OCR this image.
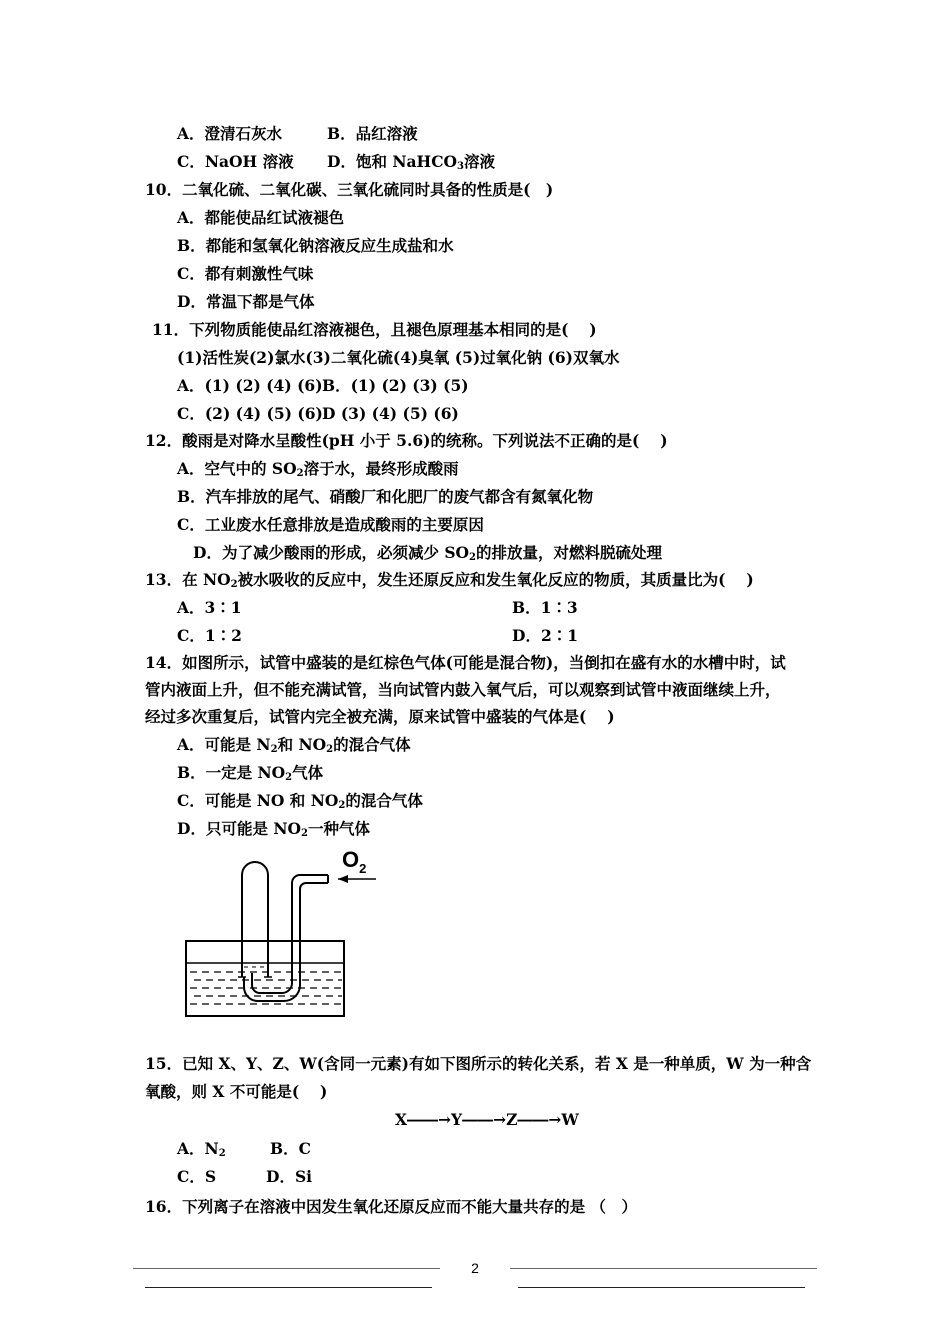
A．澄清石灰水	B．品红溶液
C．NaOH 溶液 D．饱和 NaHCO$_3$溶液
10．二氧化硫、二氧化碳、三氧化硫同时具备的性质是(　)
A．都能使品红试液褪色
B．都能和氢氧化钠溶液反应生成盐和水
C．都有刺激性气味
D．常温下都是气体
11．下列物质能使品红溶液褪色，且褪色原理基本相同的是(　 )
(1)活性炭(2)氯水(3)二氧化硫(4)臭氧 (5)过氧化钠 (6)双氧水
A．(1) (2) (4) (6) B．(1) (2) (3) (5)
C．(2) (4) (5) (6) D (3) (4) (5) (6)
12．酸雨是对降水呈酸性(pH 小于 5.6)的统称。下列说法不正确的是(　 )
A．空气中的 $SO_2$溶于水，最终形成酸雨
B．汽车排放的尾气、硝酸厂和化肥厂的废气都含有氮氧化物
C．工业废水任意排放是造成酸雨的主要原因
D．为了减少酸雨的形成，必须减少 $SO_2$的排放量，对燃料脱硫处理
13．在 $NO_2$被水吸收的反应中，发生还原反应和发生氧化反应的物质，其质量比为(　 )
A．3∶1	B．1∶3
C．1∶2	D．2∶1
14．如图所示，试管中盛装的是红棕色气体(可能是混合物)，当倒扣在盛有水的水槽中时，试
管内液面上升，但不能充满试管，当向试管内鼓入氧气后，可以观察到试管中液面继续上升，
经过多次重复后，试管内完全被充满，原来试管中盛装的气体是(　 )
A．可能是 $N_2$和 $NO_2$的混合气体
B．一定是 $NO_2$气体
C．可能是 NO 和 $NO_2$的混合气体
D．只可能是 $NO_2$一种气体
$O_2$
15．已知 X、Y、Z、W(含同一元素)有如下图所示的转化关系，若 X 是一种单质，W 为一种含
氧酸，则 X 不可能是(　 )
X――→Y――→Z――→W
A．$N_2$	B．C
C．S	D．Si
16．下列离子在溶液中因发生氧化还原反应而不能大量共存的是 （　）
2
